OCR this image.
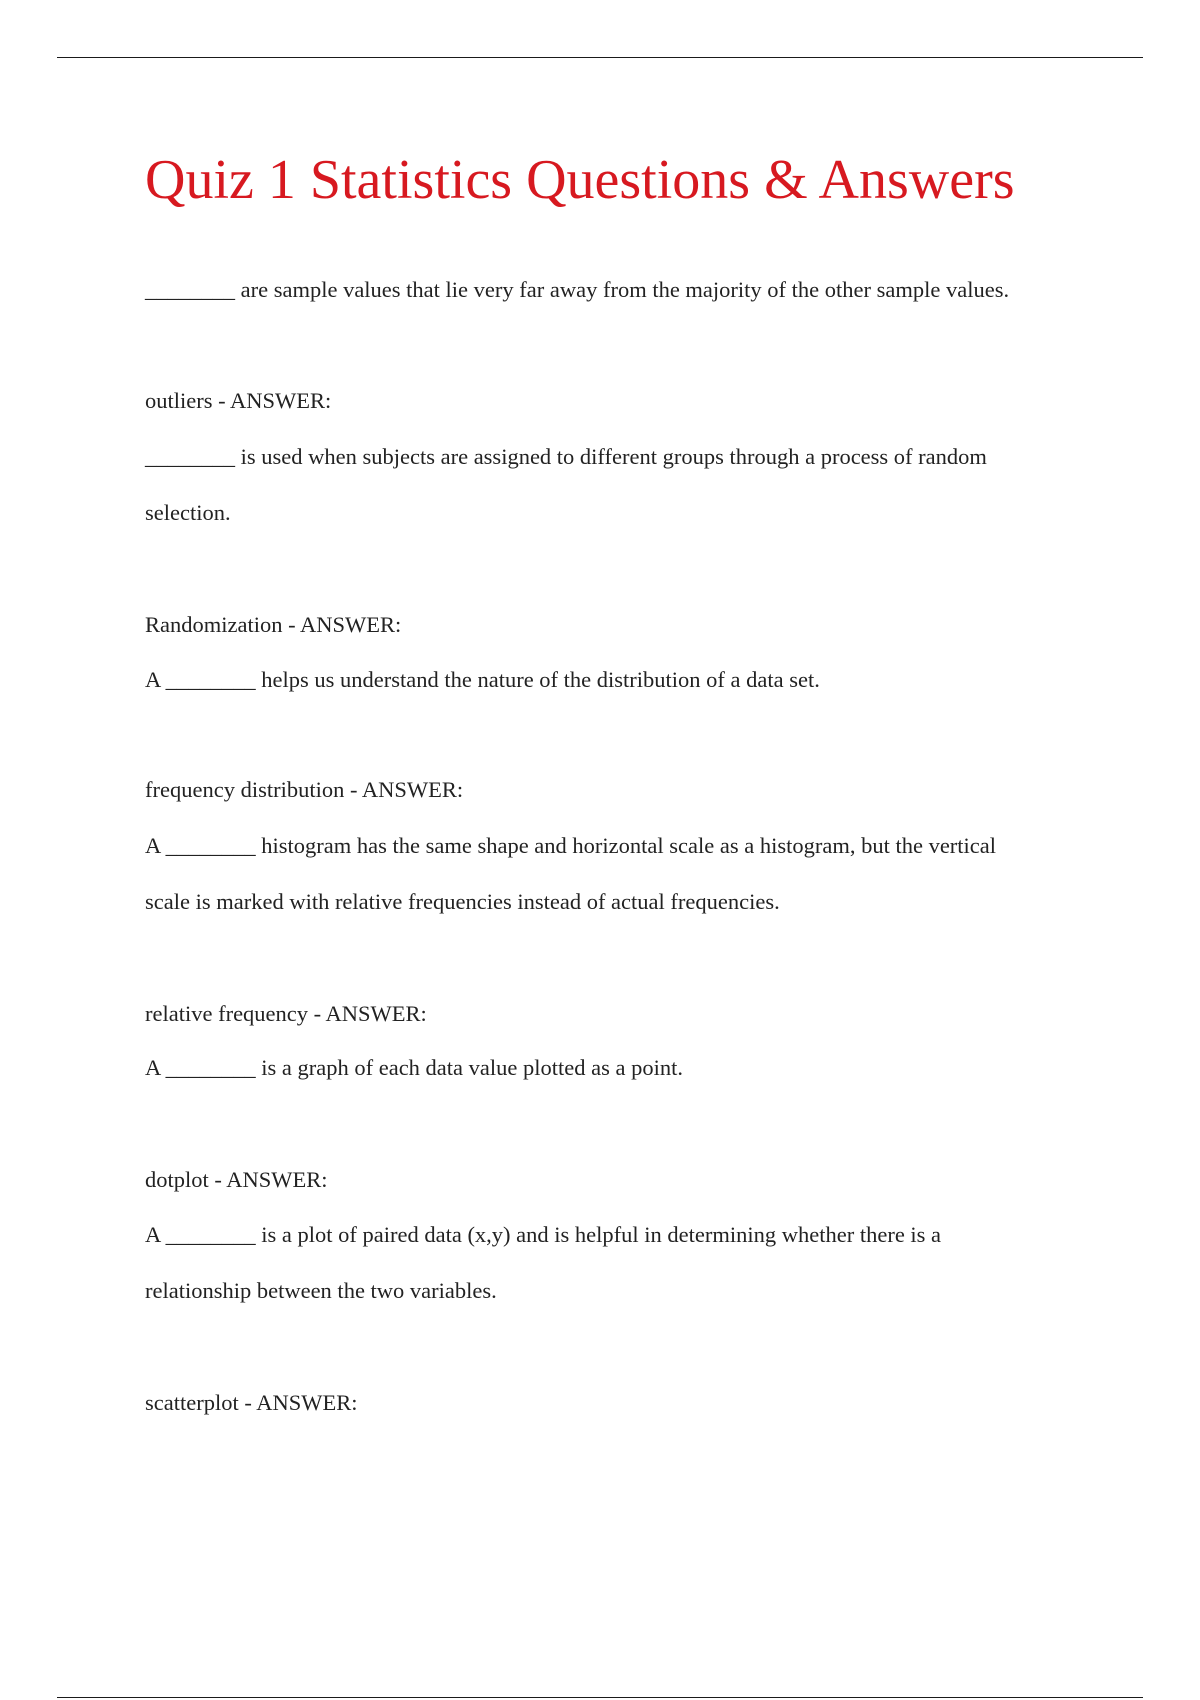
Quiz 1 Statistics Questions & Answers

________ are sample values that lie very far away from the majority of the other sample values.

outliers - ANSWER:

________ is used when subjects are assigned to different groups through a process of random
selection.

Randomization - ANSWER:

A ________ helps us understand the nature of the distribution of a data set.

frequency distribution - ANSWER:

A ________ histogram has the same shape and horizontal scale as a histogram, but the vertical
scale is marked with relative frequencies instead of actual frequencies.

relative frequency - ANSWER:

A ________ is a graph of each data value plotted as a point.

dotplot - ANSWER:

A ________ is a plot of paired data (x,y) and is helpful in determining whether there is a
relationship between the two variables.

scatterplot - ANSWER:
